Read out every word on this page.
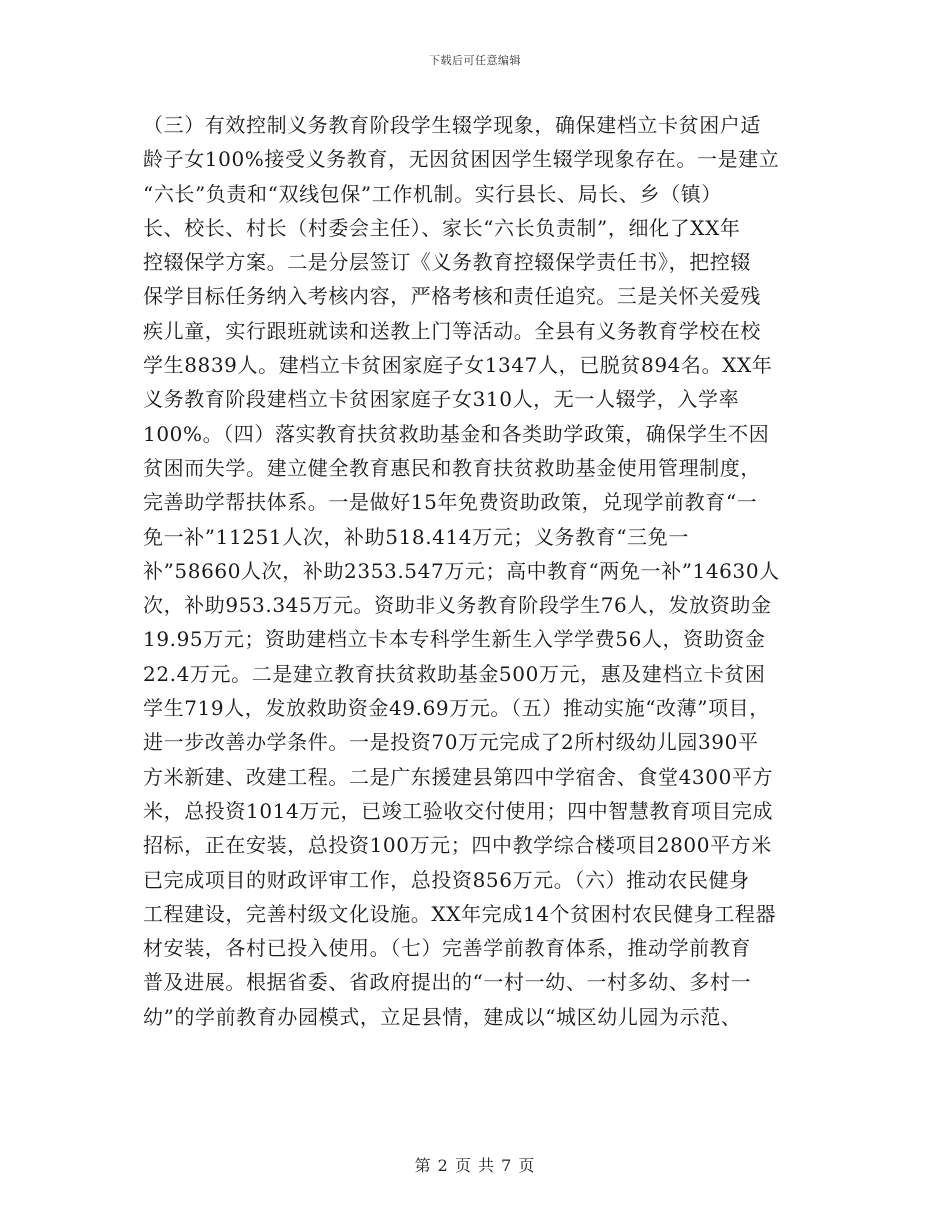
下载后可任意编辑
（三）有效控制义务教育阶段学生辍学现象，确保建档立卡贫困户适
龄子女100%接受义务教育，无因贫困因学生辍学现象存在。一是建立
“六长”负责和“双线包保”工作机制。实行县长、局长、乡（镇）
长、校长、村长（村委会主任）、家长“六长负责制”，细化了XX年
控辍保学方案。二是分层签订《义务教育控辍保学责任书》，把控辍
保学目标任务纳入考核内容，严格考核和责任追究。三是关怀关爱残
疾儿童，实行跟班就读和送教上门等活动。全县有义务教育学校在校
学生8839人。建档立卡贫困家庭子女1347人，已脱贫894名。XX年
义务教育阶段建档立卡贫困家庭子女310人，无一人辍学，入学率
100%。（四）落实教育扶贫救助基金和各类助学政策，确保学生不因
贫困而失学。建立健全教育惠民和教育扶贫救助基金使用管理制度，
完善助学帮扶体系。一是做好15年免费资助政策，兑现学前教育“一
免一补”11251人次，补助518.414万元；义务教育“三免一
补”58660人次，补助2353.547万元；高中教育“两免一补”14630人
次，补助953.345万元。资助非义务教育阶段学生76人，发放资助金
19.95万元；资助建档立卡本专科学生新生入学学费56人，资助资金
22.4万元。二是建立教育扶贫救助基金500万元，惠及建档立卡贫困
学生719人，发放救助资金49.69万元。（五）推动实施“改薄”项目，
进一步改善办学条件。一是投资70万元完成了2所村级幼儿园390平
方米新建、改建工程。二是广东援建县第四中学宿舍、食堂4300平方
米，总投资1014万元，已竣工验收交付使用；四中智慧教育项目完成
招标，正在安装，总投资100万元；四中教学综合楼项目2800平方米
已完成项目的财政评审工作，总投资856万元。（六）推动农民健身
工程建设，完善村级文化设施。XX年完成14个贫困村农民健身工程器
材安装，各村已投入使用。（七）完善学前教育体系，推动学前教育
普及进展。根据省委、省政府提出的“一村一幼、一村多幼、多村一
幼”的学前教育办园模式，立足县情，建成以“城区幼儿园为示范、
第 2 页 共 7 页
